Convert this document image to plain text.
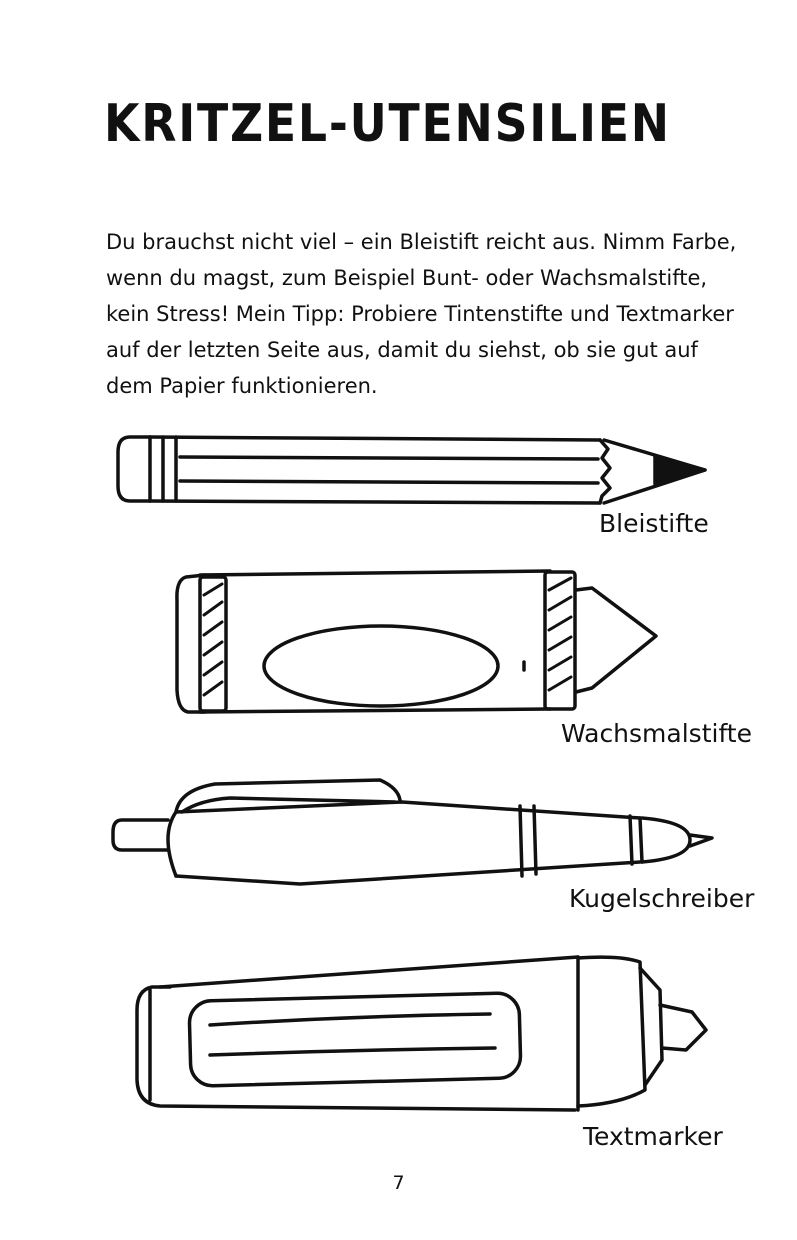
KRITZEL-UTENSILIEN

Du brauchst nicht viel – ein Bleistift reicht aus. Nimm Farbe,
wenn du magst, zum Beispiel Bunt- oder Wachsmalstifte,
kein Stress! Mein Tipp: Probiere Tintenstifte und Textmarker
auf der letzten Seite aus, damit du siehst, ob sie gut auf
dem Papier funktionieren.

Bleistifte
Wachsmalstifte
Kugelschreiber
Textmarker
7
